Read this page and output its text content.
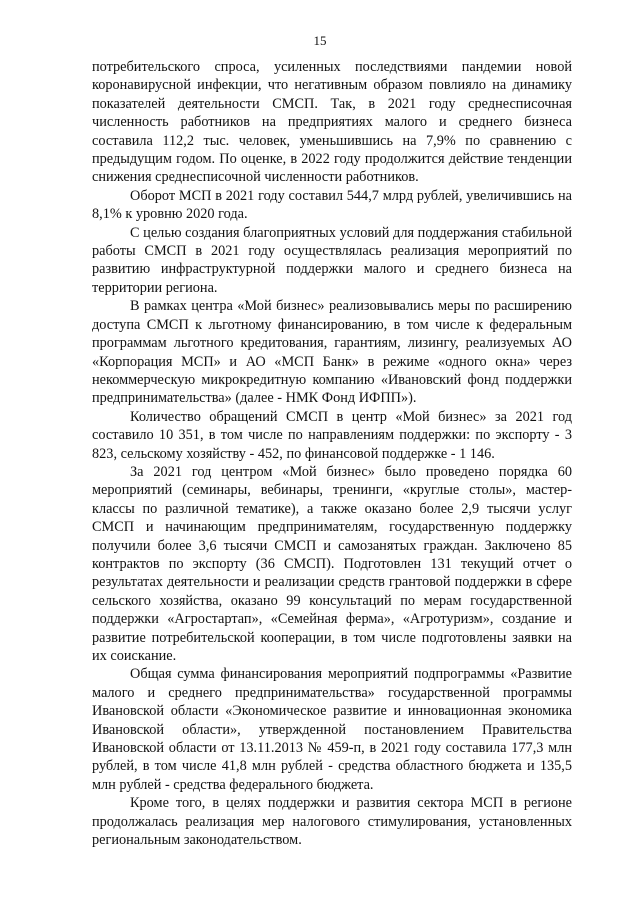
15

потребительского спроса, усиленных последствиями пандемии новой коронавирусной инфекции, что негативным образом повлияло на динамику показателей деятельности СМСП. Так, в 2021 году среднесписочная численность работников на предприятиях малого и среднего бизнеса составила 112,2 тыс. человек, уменьшившись на 7,9% по сравнению с предыдущим годом. По оценке, в 2022 году продолжится действие тенденции снижения среднесписочной численности работников.

Оборот МСП в 2021 году составил 544,7 млрд рублей, увеличившись на 8,1% к уровню 2020 года.

С целью создания благоприятных условий для поддержания стабильной работы СМСП в 2021 году осуществлялась реализация мероприятий по развитию инфраструктурной поддержки малого и среднего бизнеса на территории региона.

В рамках центра «Мой бизнес» реализовывались меры по расширению доступа СМСП к льготному финансированию, в том числе к федеральным программам льготного кредитования, гарантиям, лизингу, реализуемых АО «Корпорация МСП» и АО «МСП Банк» в режиме «одного окна» через некоммерческую микрокредитную компанию «Ивановский фонд поддержки предпринимательства» (далее - НМК Фонд ИФПП»).

Количество обращений СМСП в центр «Мой бизнес» за 2021 год составило 10 351, в том числе по направлениям поддержки: по экспорту - 3 823, сельскому хозяйству - 452, по финансовой поддержке - 1 146.

За 2021 год центром «Мой бизнес» было проведено порядка 60 мероприятий (семинары, вебинары, тренинги, «круглые столы», мастер-классы по различной тематике), а также оказано более 2,9 тысячи услуг СМСП и начинающим предпринимателям, государственную поддержку получили более 3,6 тысячи СМСП и самозанятых граждан. Заключено 85 контрактов по экспорту (36 СМСП). Подготовлен 131 текущий отчет о результатах деятельности и реализации средств грантовой поддержки в сфере сельского хозяйства, оказано 99 консультаций по мерам государственной поддержки «Агростартап», «Семейная ферма», «Агротуризм», создание и развитие потребительской кооперации, в том числе подготовлены заявки на их соискание.

Общая сумма финансирования мероприятий подпрограммы «Развитие малого и среднего предпринимательства» государственной программы Ивановской области «Экономическое развитие и инновационная экономика Ивановской области», утвержденной постановлением Правительства Ивановской области от 13.11.2013 № 459-п, в 2021 году составила 177,3 млн рублей, в том числе 41,8 млн рублей - средства областного бюджета и 135,5 млн рублей - средства федерального бюджета.

Кроме того, в целях поддержки и развития сектора МСП в регионе продолжалась реализация мер налогового стимулирования, установленных региональным законодательством.
